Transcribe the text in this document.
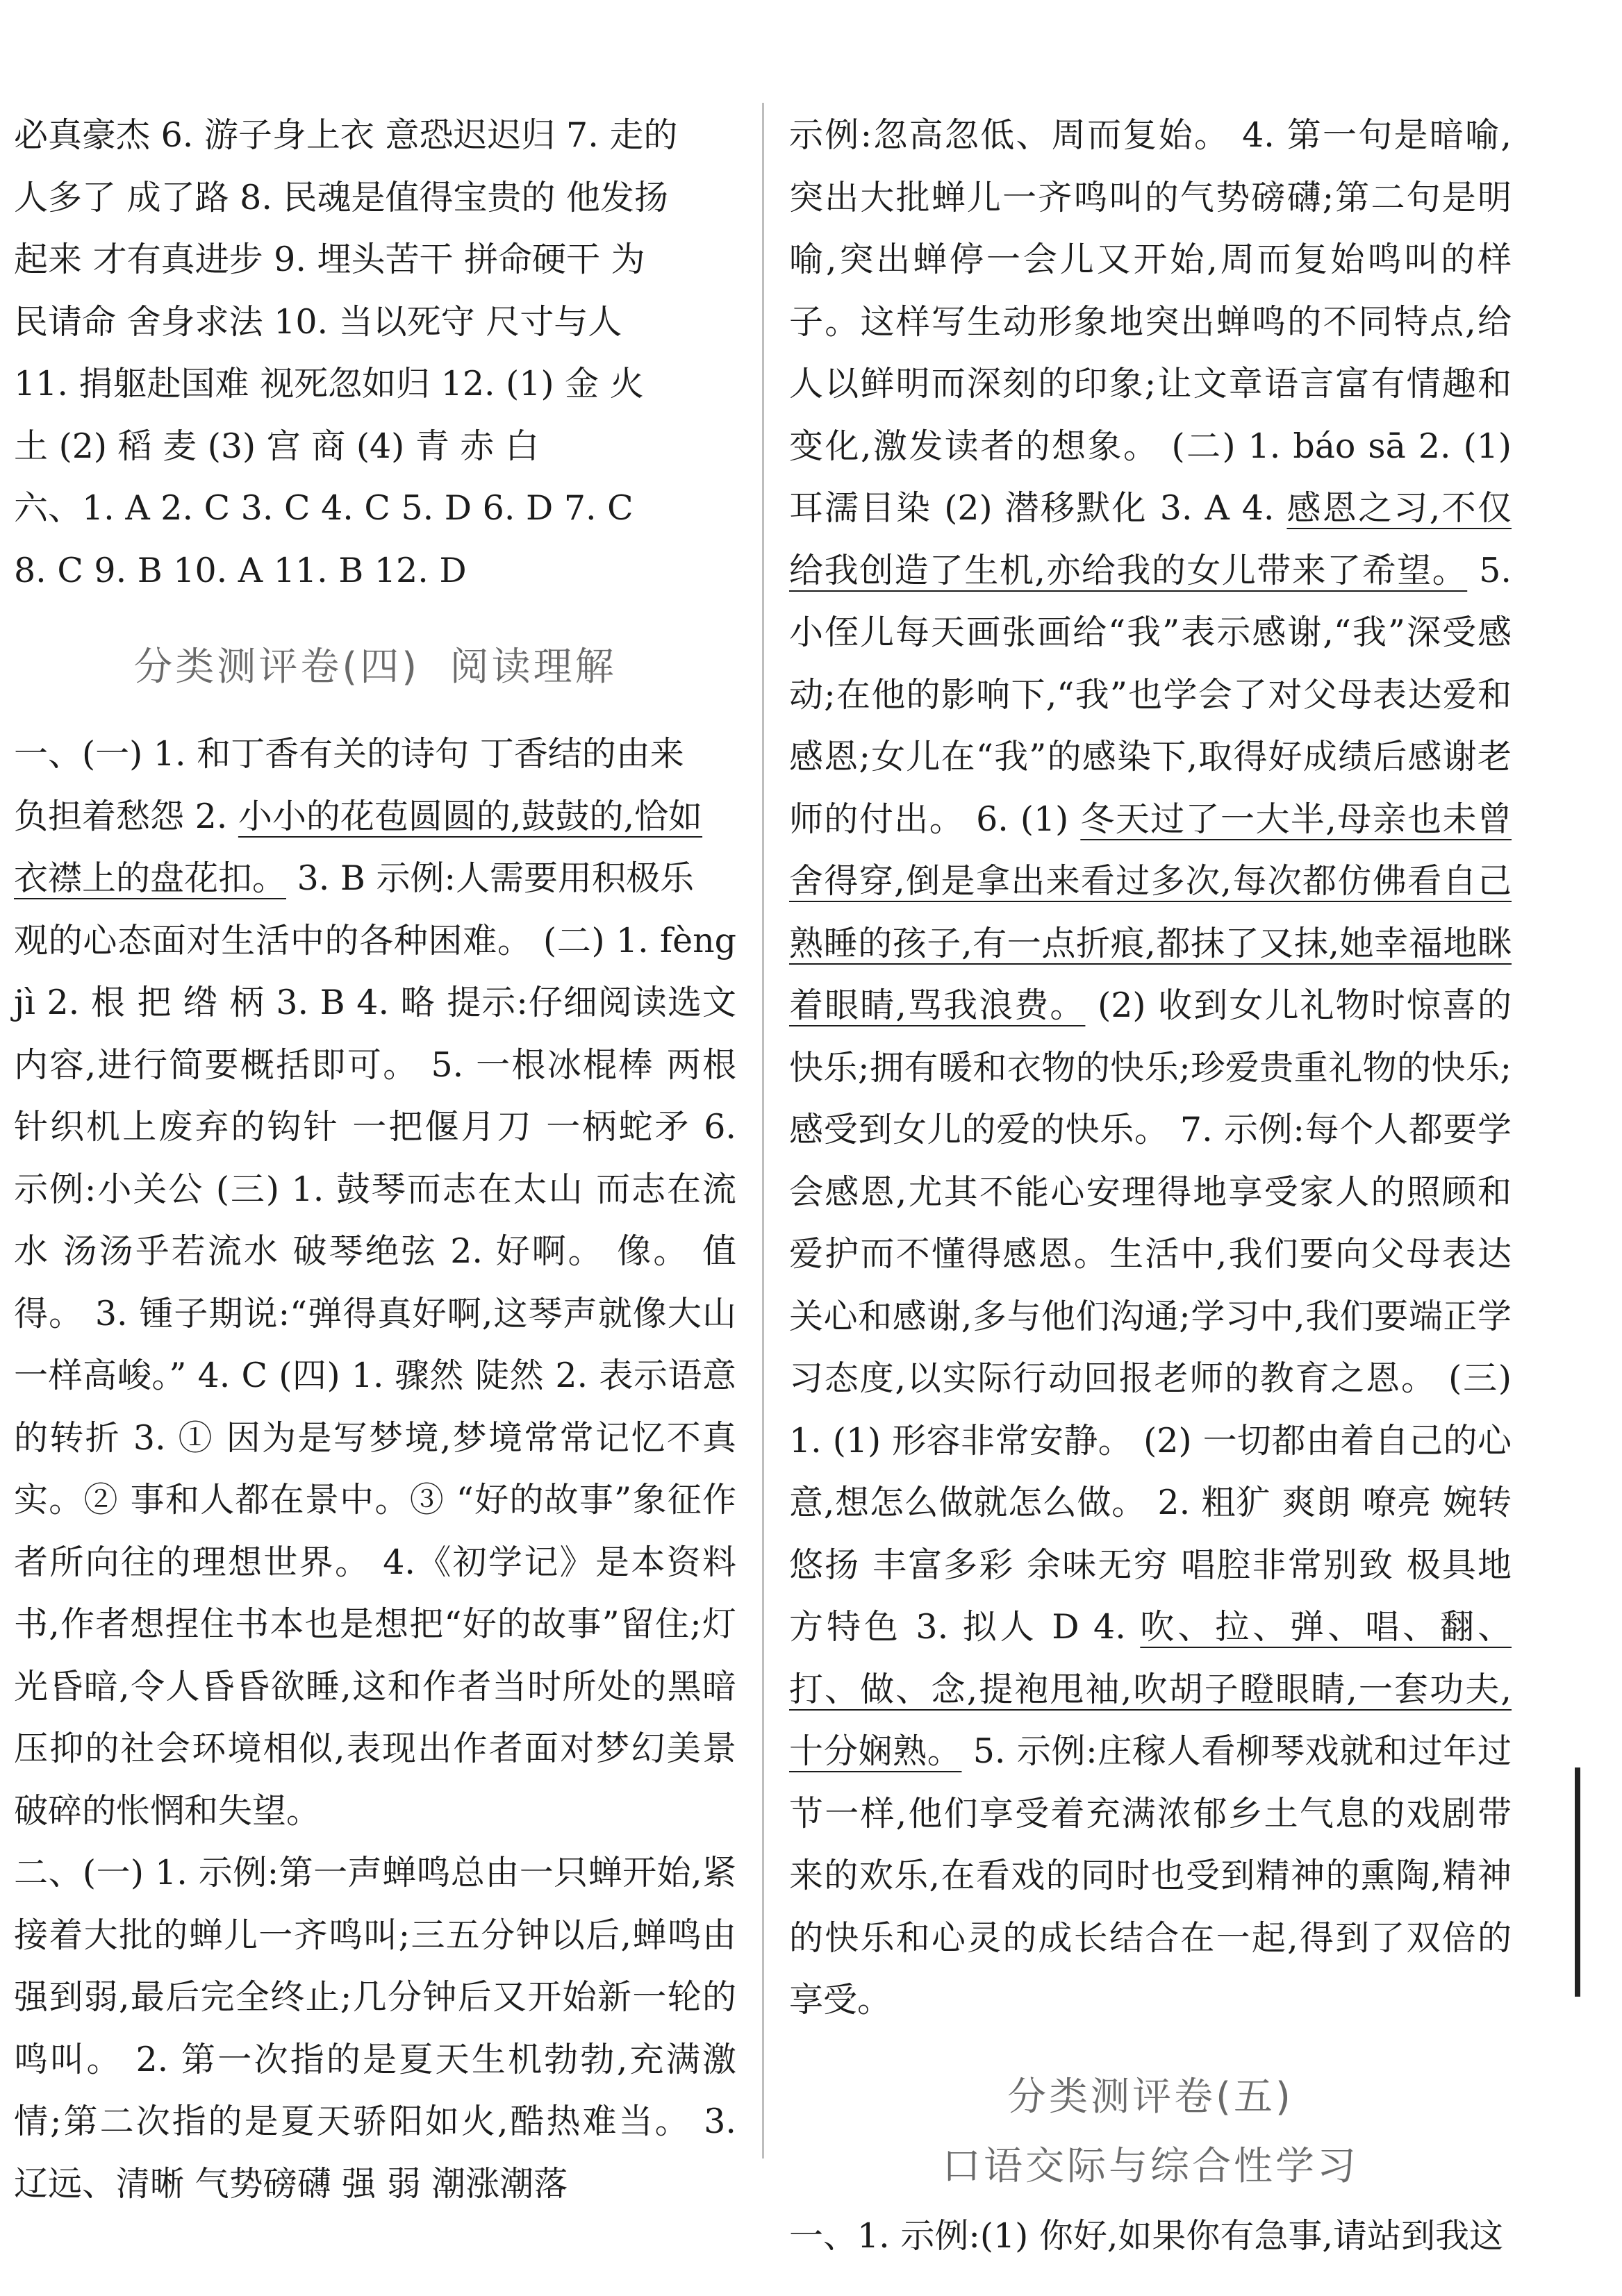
必真豪杰 6. 游子身上衣 意恐迟迟归 7. 走的
人多了 成了路 8. 民魂是值得宝贵的 他发扬
起来 才有真进步 9. 埋头苦干 拼命硬干 为
民请命 舍身求法 10. 当以死守 尺寸与人
11. 捐躯赴国难 视死忽如归 12. (1) 金 火
土 (2) 稻 麦 (3) 宫 商 (4) 青 赤 白
六、1. A 2. C 3. C 4. C 5. D 6. D 7. C
8. C 9. B 10. A 11. B 12. D
分类测评卷(四) 阅读理解
一、(一) 1. 和丁香有关的诗句 丁香结的由来
负担着愁怨 2. 小小的花苞圆圆的,鼓鼓的,恰如
衣襟上的盘花扣。 3. B 示例:人需要用积极乐
观的心态面对生活中的各种困难。 (二) 1. fèng jì 2. 根 把 绺 柄 3. B 4. 略 提示:仔细阅读选文内容,进行简要概括即可。 5. 一根冰棍棒 两根针织机上废弃的钩针 一把偃月刀 一柄蛇矛 6. 示例:小关公 (三) 1. 鼓琴而志在太山 而志在流水 汤汤乎若流水 破琴绝弦 2. 好啊。 像。 值得。 3. 锺子期说:“弹得真好啊,这琴声就像大山一样高峻。” 4. C (四) 1. 骤然 陡然 2. 表示语意的转折 3. ① 因为是写梦境,梦境常常记忆不真实。② 事和人都在景中。③ “好的故事”象征作者所向往的理想世界。 4.《初学记》是本资料书,作者想捏住书本也是想把“好的故事”留住;灯光昏暗,令人昏昏欲睡,这和作者当时所处的黑暗压抑的社会环境相似,表现出作者面对梦幻美景破碎的怅惘和失望。
二、(一) 1. 示例:第一声蝉鸣总由一只蝉开始,紧接着大批的蝉儿一齐鸣叫;三五分钟以后,蝉鸣由强到弱,最后完全终止;几分钟后又开始新一轮的鸣叫。 2. 第一次指的是夏天生机勃勃,充满激情;第二次指的是夏天骄阳如火,酷热难当。 3. 辽远、清晰 气势磅礴 强 弱 潮涨潮落
示例:忽高忽低、周而复始。 4. 第一句是暗喻,突出大批蝉儿一齐鸣叫的气势磅礴;第二句是明喻,突出蝉停一会儿又开始,周而复始鸣叫的样子。这样写生动形象地突出蝉鸣的不同特点,给人以鲜明而深刻的印象;让文章语言富有情趣和变化,激发读者的想象。 (二) 1. báo sā 2. (1) 耳濡目染 (2) 潜移默化 3. A 4. 感恩之习,不仅给我创造了生机,亦给我的女儿带来了希望。 5. 小侄儿每天画张画给“我”表示感谢,“我”深受感动;在他的影响下,“我”也学会了对父母表达爱和感恩;女儿在“我”的感染下,取得好成绩后感谢老师的付出。 6. (1) 冬天过了一大半,母亲也未曾舍得穿,倒是拿出来看过多次,每次都仿佛看自己熟睡的孩子,有一点折痕,都抹了又抹,她幸福地眯着眼睛,骂我浪费。 (2) 收到女儿礼物时惊喜的快乐;拥有暖和衣物的快乐;珍爱贵重礼物的快乐;感受到女儿的爱的快乐。 7. 示例:每个人都要学会感恩,尤其不能心安理得地享受家人的照顾和爱护而不懂得感恩。生活中,我们要向父母表达关心和感谢,多与他们沟通;学习中,我们要端正学习态度,以实际行动回报老师的教育之恩。 (三) 1. (1) 形容非常安静。 (2) 一切都由着自己的心意,想怎么做就怎么做。 2. 粗犷 爽朗 嘹亮 婉转悠扬 丰富多彩 余味无穷 唱腔非常别致 极具地方特色 3. 拟人 D 4. 吹、拉、弹、唱、翻、打、做、念,提袍甩袖,吹胡子瞪眼睛,一套功夫,十分娴熟。 5. 示例:庄稼人看柳琴戏就和过年过节一样,他们享受着充满浓郁乡土气息的戏剧带来的欢乐,在看戏的同时也受到精神的熏陶,精神的快乐和心灵的成长结合在一起,得到了双倍的享受。
分类测评卷(五)
口语交际与综合性学习
一、1. 示例:(1) 你好,如果你有急事,请站到我这
